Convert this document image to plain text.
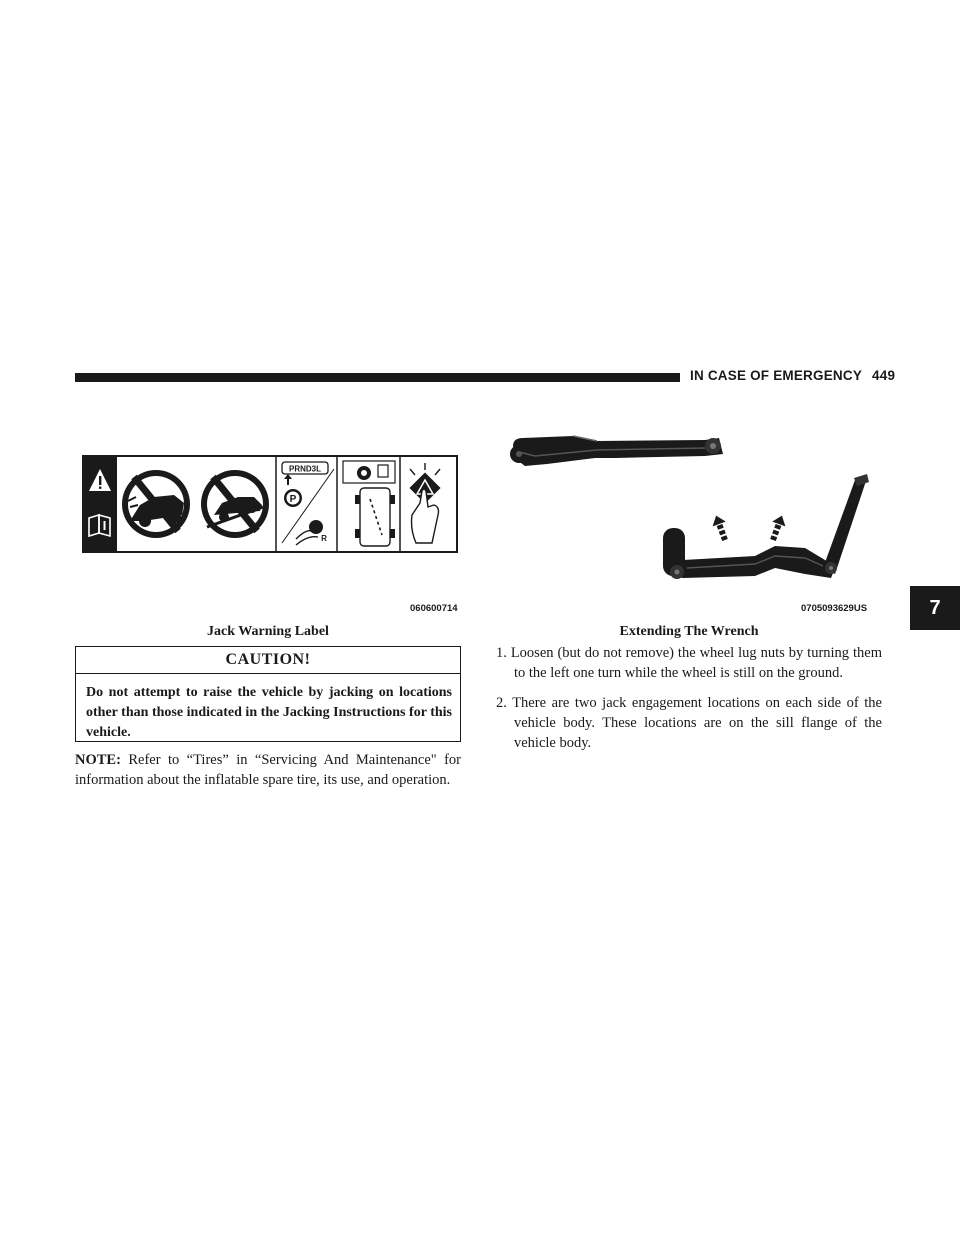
IN CASE OF EMERGENCY 449
7
PRND3L
P
R
060600714
Jack Warning Label
0705093629US
Extending The Wrench
CAUTION!
Do not attempt to raise the vehicle by jacking on locations other than those indicated in the Jacking Instructions for this vehicle.
NOTE: Refer to “Tires” in “Servicing And Maintenance" for information about the inflatable spare tire, its use, and operation.
1. Loosen (but do not remove) the wheel lug nuts by turning them to the left one turn while the wheel is still on the ground.
2. There are two jack engagement locations on each side of the vehicle body. These locations are on the sill flange of the vehicle body.
